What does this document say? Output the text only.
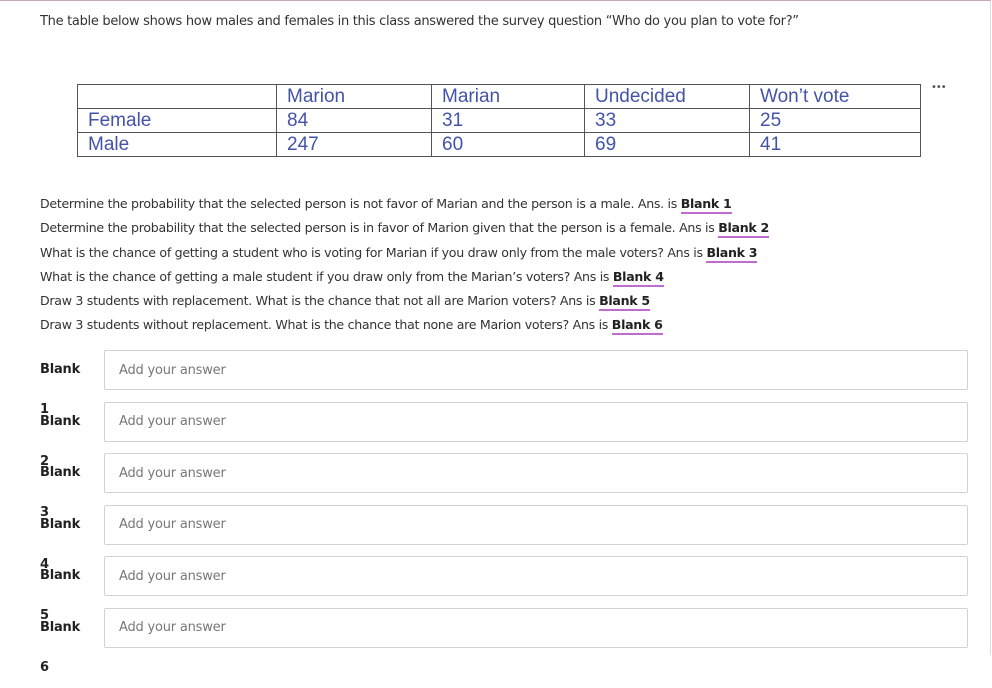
The table below shows how males and females in this class answered the survey question “Who do you plan to vote for?”
•••
	Marion	Marian	Undecided	Won’t vote
Female	84	31	33	25
Male	247	60	69	41
Determine the probability that the selected person is not favor of Marian and the person is a male. Ans. is Blank 1
Determine the probability that the selected person is in favor of Marion given that the person is a female. Ans is Blank 2
What is the chance of getting a student who is voting for Marian if you draw only from the male voters? Ans is Blank 3
What is the chance of getting a male student if you draw only from the Marian’s voters? Ans is Blank 4
Draw 3 students with replacement. What is the chance that not all are Marion voters? Ans is Blank 5
Draw 3 students without replacement. What is the chance that none are Marion voters? Ans is Blank 6
Blank 1
Add your answer
Blank 2
Add your answer
Blank 3
Add your answer
Blank 4
Add your answer
Blank 5
Add your answer
Blank 6
Add your answer
